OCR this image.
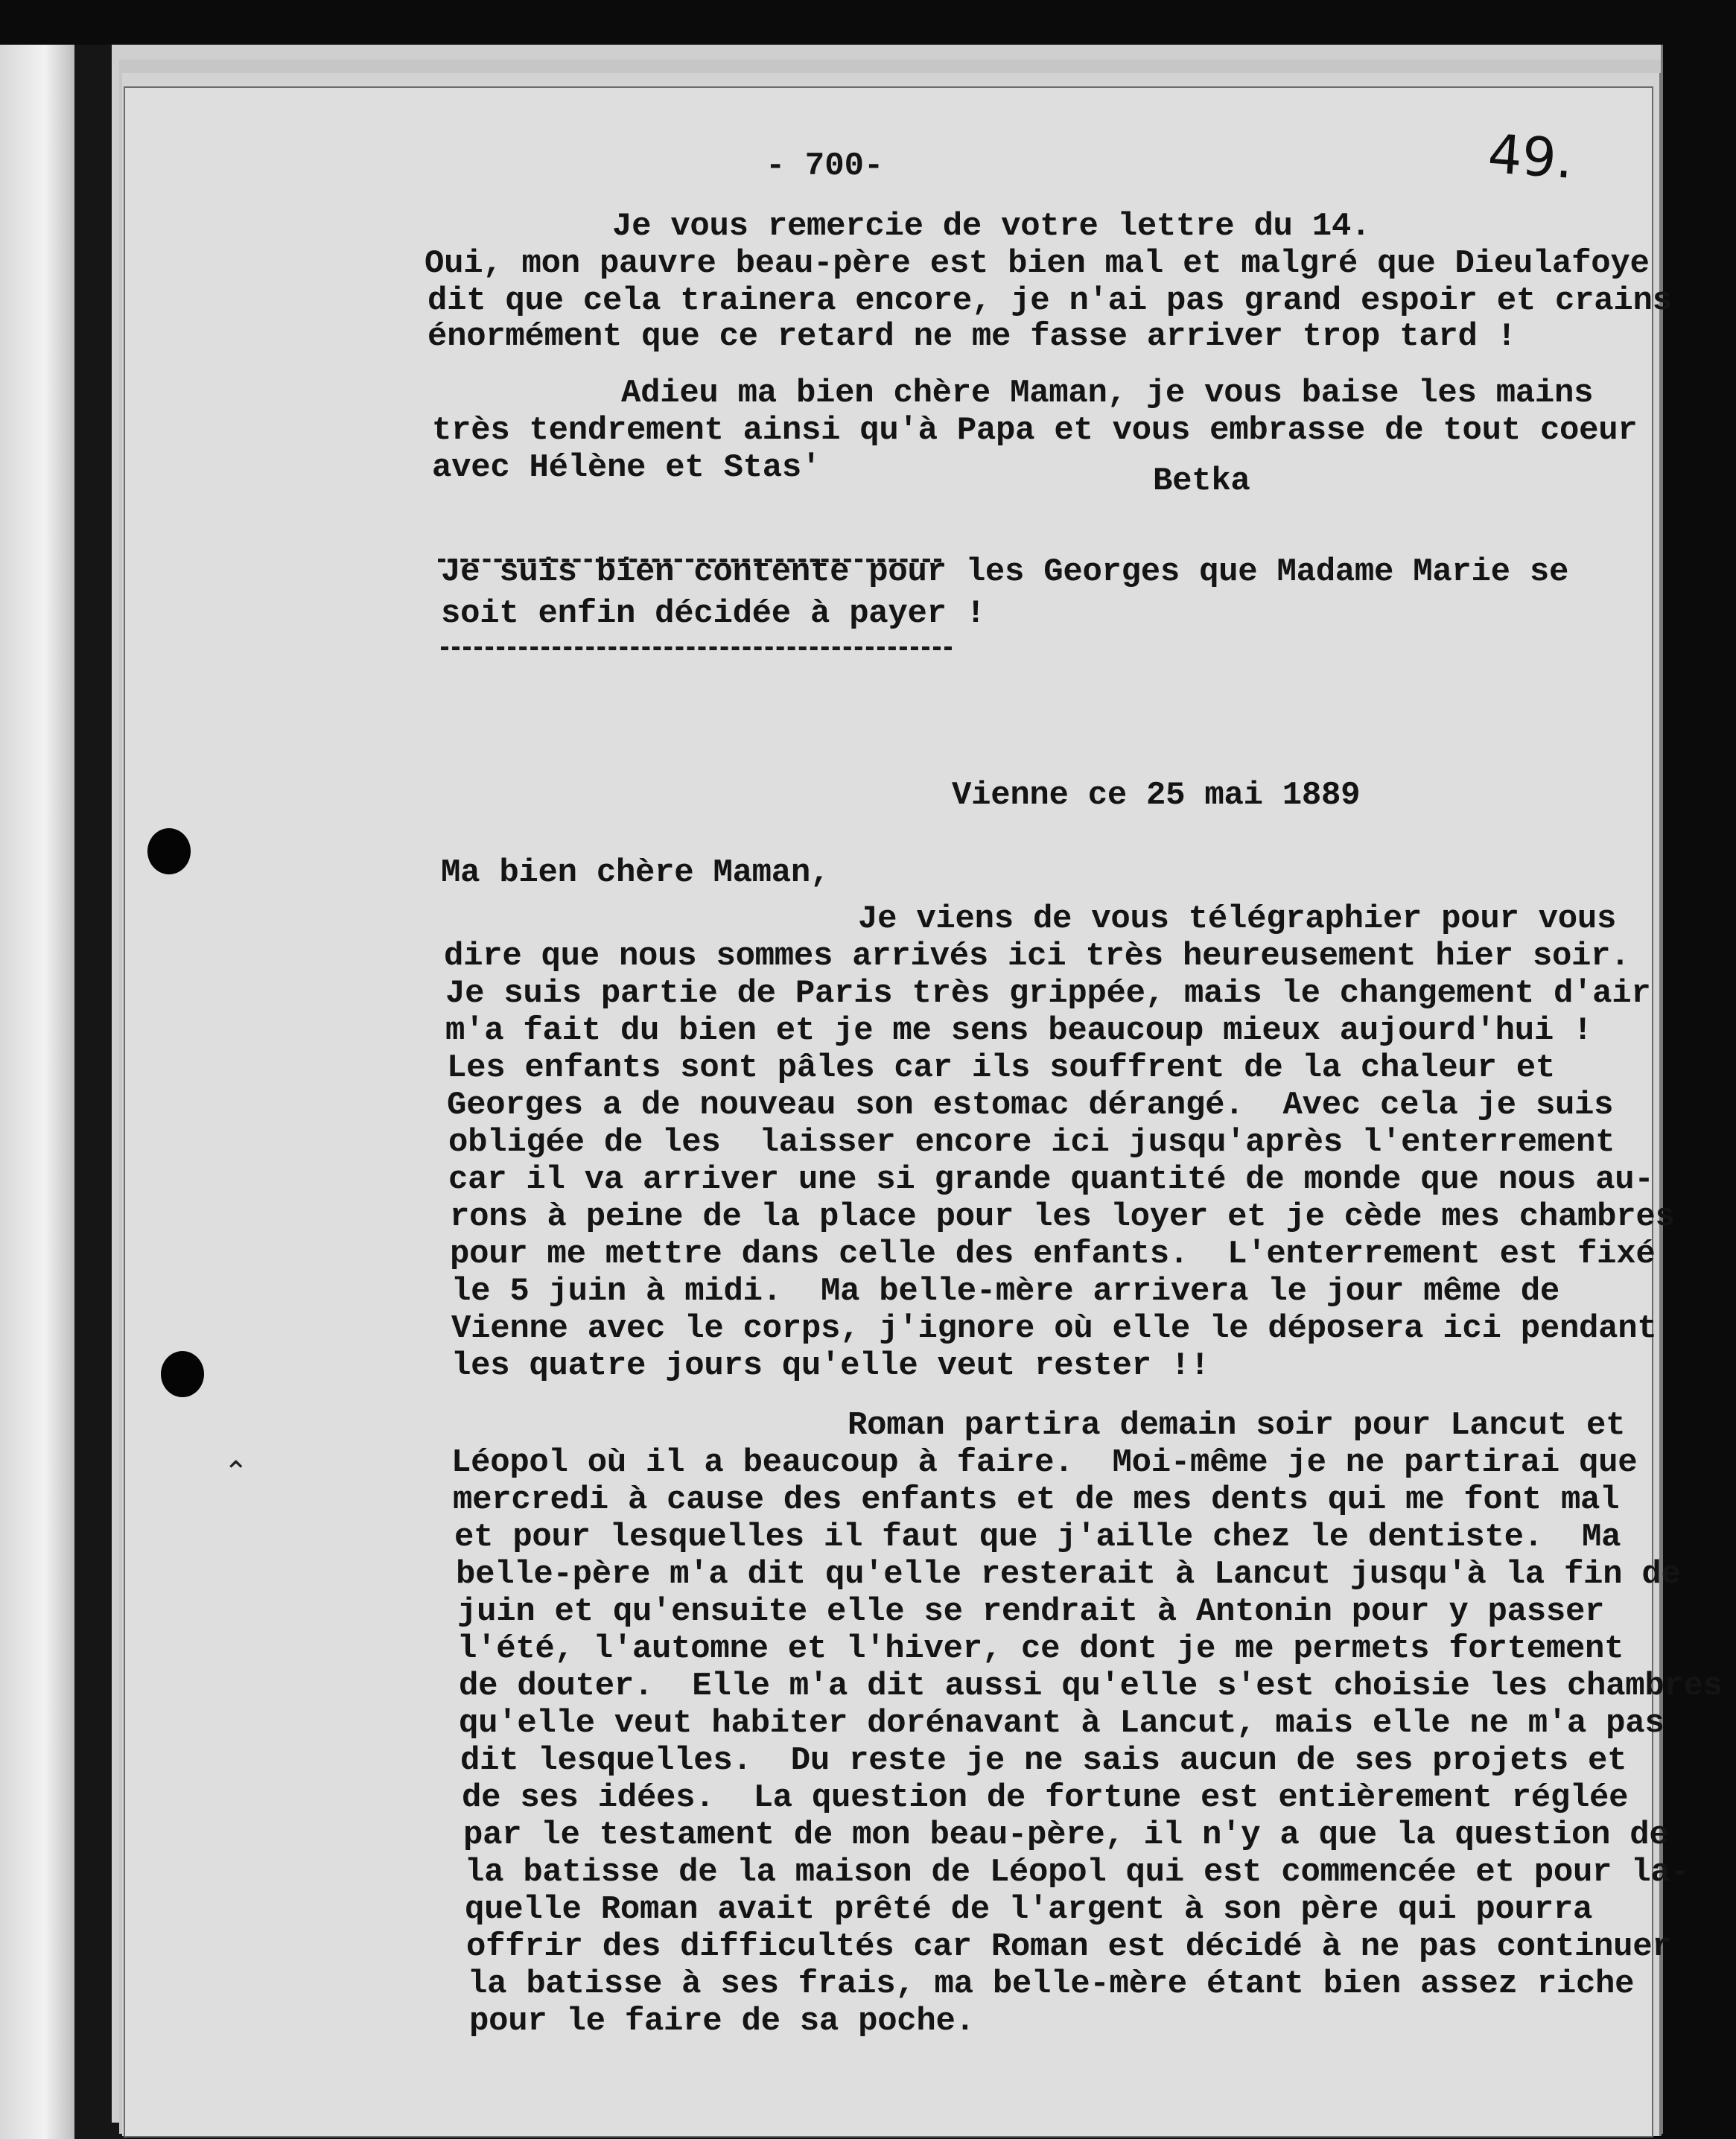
⌃

- 700-	49.

Je vous remercie de votre lettre du 14.

Oui, mon pauvre beau-père est bien mal et malgré que Dieulafoye

dit que cela trainera encore, je n'ai pas grand espoir et crains

énormément que ce retard ne me fasse arriver trop tard !

Adieu ma bien chère Maman, je vous baise les mains

très tendrement ainsi qu'à Papa et vous embrasse de tout coeur

avec Hélène et Stas'	Betka

Je suis bien contente pour les Georges que Madame Marie se

soit enfin décidée à payer !

Vienne ce 25 mai 1889

Ma bien chère Maman,

Je viens de vous télégraphier pour vous

dire que nous sommes arrivés ici très heureusement hier soir.

Je suis partie de Paris très grippée, mais le changement d'air

m'a fait du bien et je me sens beaucoup mieux aujourd'hui !

Les enfants sont pâles car ils souffrent de la chaleur et

Georges a de nouveau son estomac dérangé.  Avec cela je suis

obligée de les  laisser encore ici jusqu'après l'enterrement

car il va arriver une si grande quantité de monde que nous au-

rons à peine de la place pour les loyer et je cède mes chambres

pour me mettre dans celle des enfants.  L'enterrement est fixé

le 5 juin à midi.  Ma belle-mère arrivera le jour même de

Vienne avec le corps, j'ignore où elle le déposera ici pendant

les quatre jours qu'elle veut rester !!

Roman partira demain soir pour Lancut et

Léopol où il a beaucoup à faire.  Moi-même je ne partirai que

mercredi à cause des enfants et de mes dents qui me font mal

et pour lesquelles il faut que j'aille chez le dentiste.  Ma

belle-père m'a dit qu'elle resterait à Lancut jusqu'à la fin de

juin et qu'ensuite elle se rendrait à Antonin pour y passer

l'été, l'automne et l'hiver, ce dont je me permets fortement

de douter.  Elle m'a dit aussi qu'elle s'est choisie les chambres

qu'elle veut habiter dorénavant à Lancut, mais elle ne m'a pas

dit lesquelles.  Du reste je ne sais aucun de ses projets et

de ses idées.  La question de fortune est entièrement réglée

par le testament de mon beau-père, il n'y a que la question de

la batisse de la maison de Léopol qui est commencée et pour la-

quelle Roman avait prêté de l'argent à son père qui pourra

offrir des difficultés car Roman est décidé à ne pas continuer

la batisse à ses frais, ma belle-mère étant bien assez riche

pour le faire de sa poche.
